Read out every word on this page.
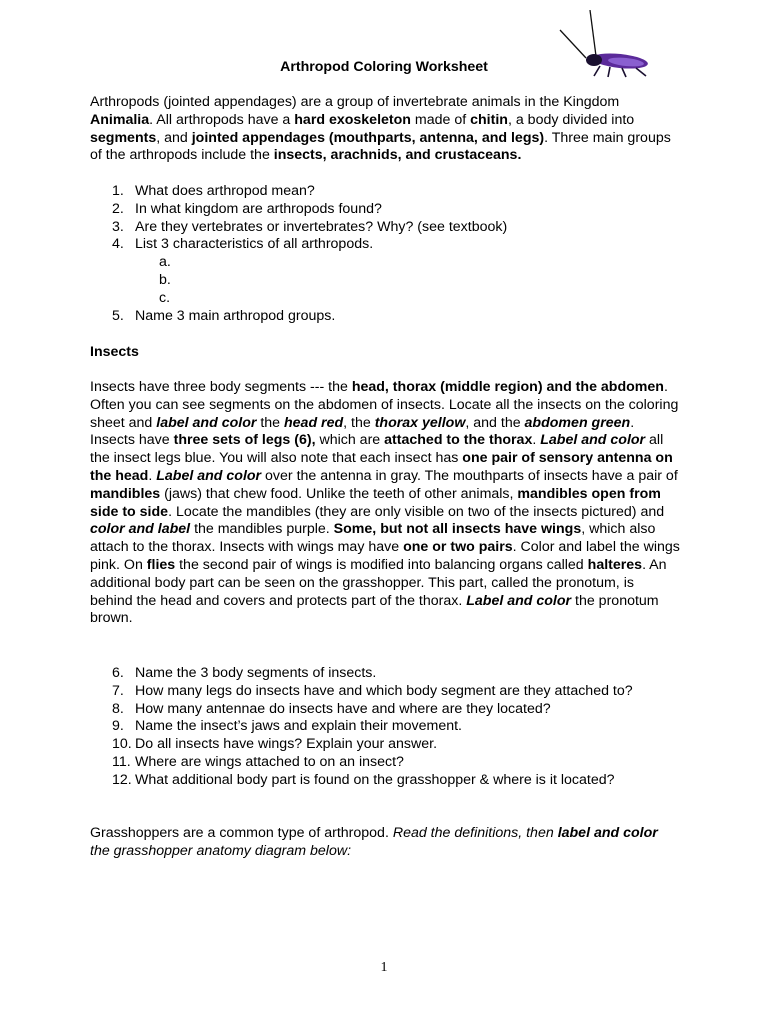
Arthropod Coloring Worksheet

Arthropods (jointed appendages) are a group of invertebrate animals in the Kingdom Animalia. All arthropods have a hard exoskeleton made of chitin, a body divided into segments, and jointed appendages (mouthparts, antenna, and legs). Three main groups of the arthropods include the insects, arachnids, and crustaceans.

1. What does arthropod mean?
2. In what kingdom are arthropods found?
3. Are they vertebrates or invertebrates? Why? (see textbook)
4. List 3 characteristics of all arthropods.
a.
b.
c.
5. Name 3 main arthropod groups.
Insects

Insects have three body segments --- the head, thorax (middle region) and the abdomen. Often you can see segments on the abdomen of insects. Locate all the insects on the coloring sheet and label and color the head red, the thorax yellow, and the abdomen green. Insects have three sets of legs (6), which are attached to the thorax. Label and color all the insect legs blue. You will also note that each insect has one pair of sensory antenna on the head. Label and color over the antenna in gray. The mouthparts of insects have a pair of mandibles (jaws) that chew food. Unlike the teeth of other animals, mandibles open from side to side. Locate the mandibles (they are only visible on two of the insects pictured) and color and label the mandibles purple. Some, but not all insects have wings, which also attach to the thorax. Insects with wings may have one or two pairs. Color and label the wings pink. On flies the second pair of wings is modified into balancing organs called halteres. An additional body part can be seen on the grasshopper. This part, called the pronotum, is behind the head and covers and protects part of the thorax. Label and color the pronotum brown.

6. Name the 3 body segments of insects.
7. How many legs do insects have and which body segment are they attached to?
8. How many antennae do insects have and where are they located?
9. Name the insect’s jaws and explain their movement.
10. Do all insects have wings? Explain your answer.
11. Where are wings attached to on an insect?
12. What additional body part is found on the grasshopper & where is it located?

Grasshoppers are a common type of arthropod. Read the definitions, then label and color the grasshopper anatomy diagram below:

1
